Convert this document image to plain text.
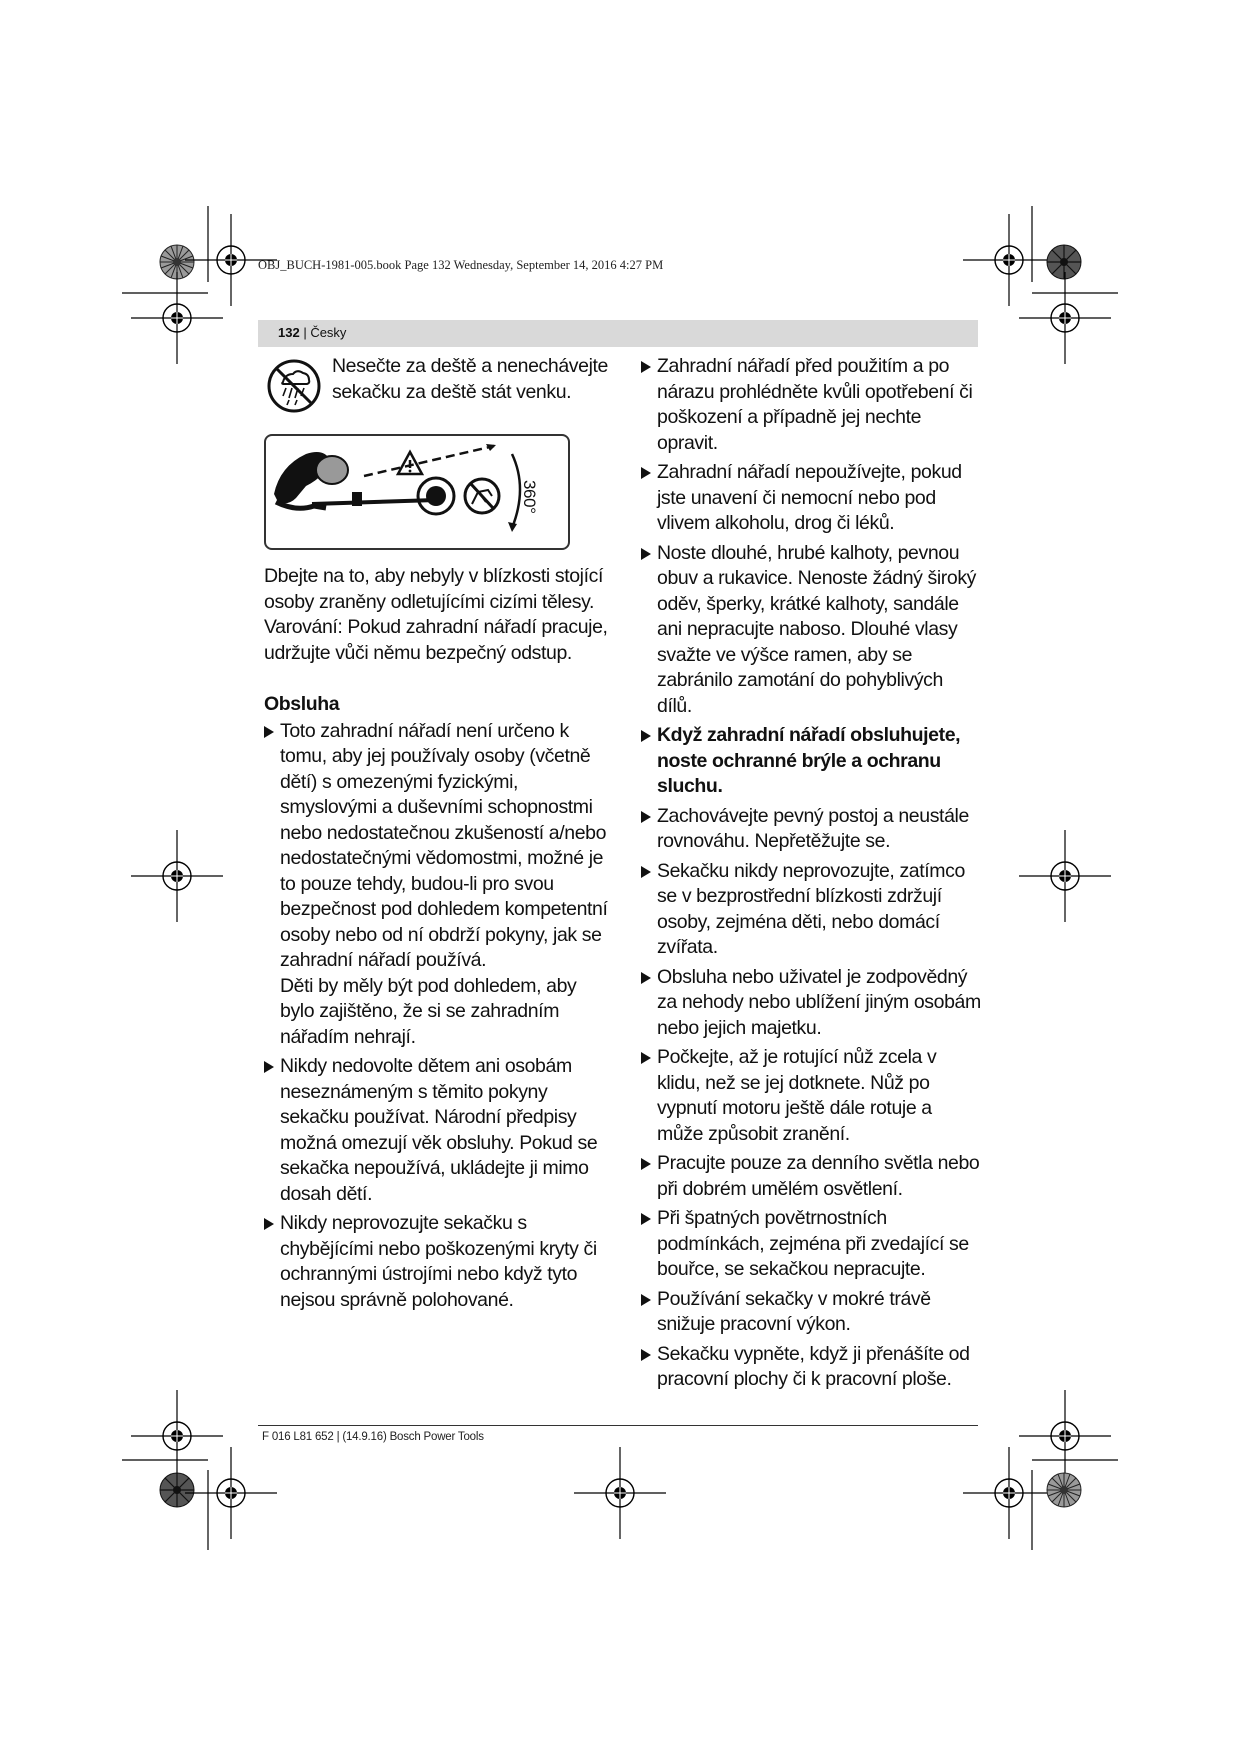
OBJ_BUCH-1981-005.book Page 132 Wednesday, September 14, 2016 4:27 PM
132 | Česky
Nesečte za deště a nenechávejte sekačku za deště stát venku.
360°

Dbejte na to, aby nebyly v blízkosti stojící osoby zraněny odletujícími cizími tělesy.

Varování: Pokud zahradní nářadí pracuje, udržujte vůči němu bezpečný odstup.

Obsluha
Toto zahradní nářadí není určeno k tomu, aby jej používaly osoby (včetně dětí) s omezenými fyzickými, smyslovými a duševními schopnostmi nebo nedostatečnou zkušeností a/nebo nedostatečnými vědomostmi, možné je to pouze tehdy, budou-li pro svou bezpečnost pod dohledem kompetentní osoby nebo od ní obdrží pokyny, jak se zahradní nářadí používá.
Děti by měly být pod dohledem, aby bylo zajištěno, že si se zahradním nářadím nehrají.
Nikdy nedovolte dětem ani osobám neseznámeným s těmito pokyny sekačku používat. Národní předpisy možná omezují věk obsluhy. Pokud se sekačka nepoužívá, ukládejte ji mimo dosah dětí.
Nikdy neprovozujte sekačku s chybějícími nebo poškozenými kryty či ochrannými ústrojími nebo když tyto nejsou správně polohované.
Zahradní nářadí před použitím a po nárazu prohlédněte kvůli opotřebení či poškození a případně jej nechte opravit.
Zahradní nářadí nepoužívejte, pokud jste unavení či nemocní nebo pod vlivem alkoholu, drog či léků.
Noste dlouhé, hrubé kalhoty, pevnou obuv a rukavice. Nenoste žádný široký oděv, šperky, krátké kalhoty, sandále ani nepracujte naboso. Dlouhé vlasy svažte ve výšce ramen, aby se zabránilo zamotání do pohyblivých dílů.
Když zahradní nářadí obsluhujete, noste ochranné brýle a ochranu sluchu.
Zachovávejte pevný postoj a neustále rovnováhu. Nepřetěžujte se.
Sekačku nikdy neprovozujte, zatímco se v bezprostřední blízkosti zdržují osoby, zejména děti, nebo domácí zvířata.
Obsluha nebo uživatel je zodpovědný za nehody nebo ublížení jiným osobám nebo jejich majetku.
Počkejte, až je rotující nůž zcela v klidu, než se jej dotknete. Nůž po vypnutí motoru ještě dále rotuje a může způsobit zranění.
Pracujte pouze za denního světla nebo při dobrém umělém osvětlení.
Při špatných povětrnostních podmínkách, zejména při zvedající se bouřce, se sekačkou nepracujte.
Používání sekačky v mokré trávě snižuje pracovní výkon.
Sekačku vypněte, když ji přenášíte od pracovní plochy či k pracovní ploše.
F 016 L81 652 | (14.9.16) Bosch Power Tools
